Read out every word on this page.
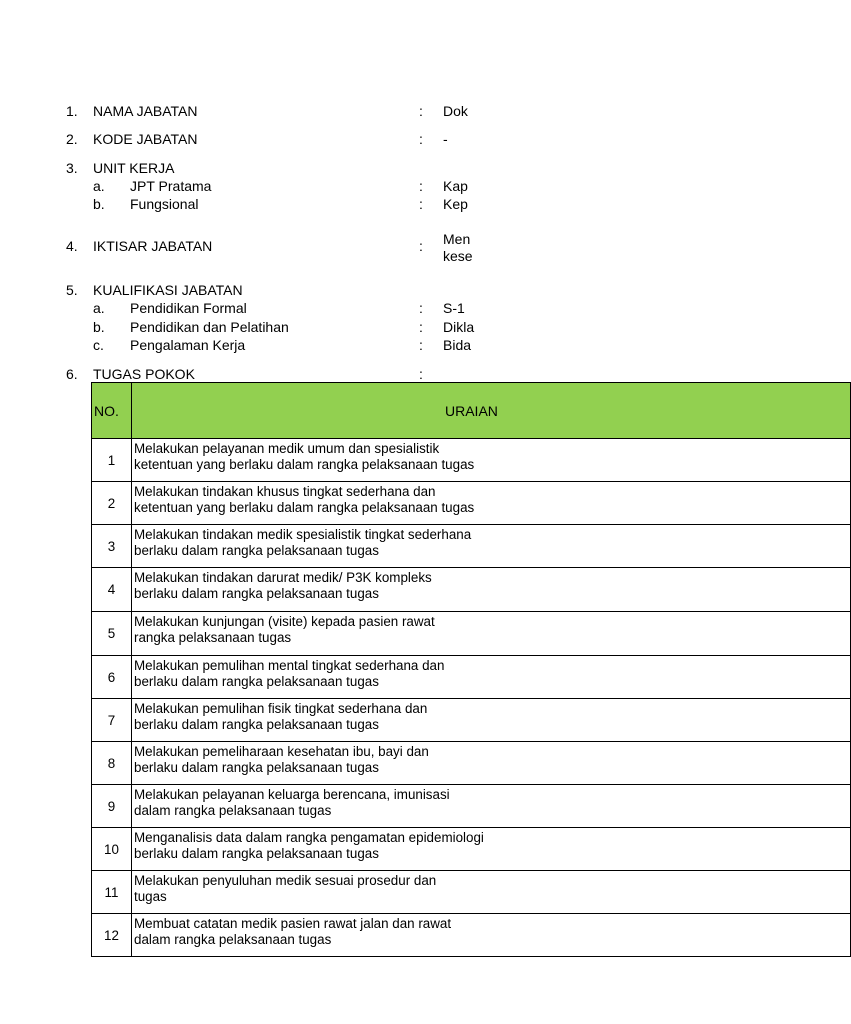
1. NAMA JABATAN	: Dok
2. KODE JABATAN	: -
3. UNIT KERJA
a. JPT Pratama	: Kap
b. Fungsional	: Kep
4. IKTISAR JABATAN	: Men
kese
5. KUALIFIKASI JABATAN
a. Pendidikan Formal	: S-1
b. Pendidikan dan Pelatihan	: Dikla
c. Pengalaman Kerja	: Bida
6. TUGAS POKOK	:
NO.	URAIAN
1	Melakukan pelayanan medik umum dan spesialistik
ketentuan yang berlaku dalam rangka pelaksanaan tugas

2	Melakukan tindakan khusus tingkat sederhana dan
ketentuan yang berlaku dalam rangka pelaksanaan tugas

3	Melakukan tindakan medik spesialistik tingkat sederhana
berlaku dalam rangka pelaksanaan tugas

4	Melakukan tindakan darurat medik/ P3K kompleks
berlaku dalam rangka pelaksanaan tugas

5	Melakukan kunjungan (visite) kepada pasien rawat
rangka pelaksanaan tugas

6	Melakukan pemulihan mental tingkat sederhana dan
berlaku dalam rangka pelaksanaan tugas

7	Melakukan pemulihan fisik tingkat sederhana dan
berlaku dalam rangka pelaksanaan tugas

8	Melakukan pemeliharaan kesehatan ibu, bayi dan
berlaku dalam rangka pelaksanaan tugas

9	Melakukan pelayanan keluarga berencana, imunisasi
dalam rangka pelaksanaan tugas

10	Menganalisis data dalam rangka pengamatan epidemiologi
berlaku dalam rangka pelaksanaan tugas

11	Melakukan penyuluhan medik sesuai prosedur dan
tugas

12	Membuat catatan medik pasien rawat jalan dan rawat
dalam rangka pelaksanaan tugas
